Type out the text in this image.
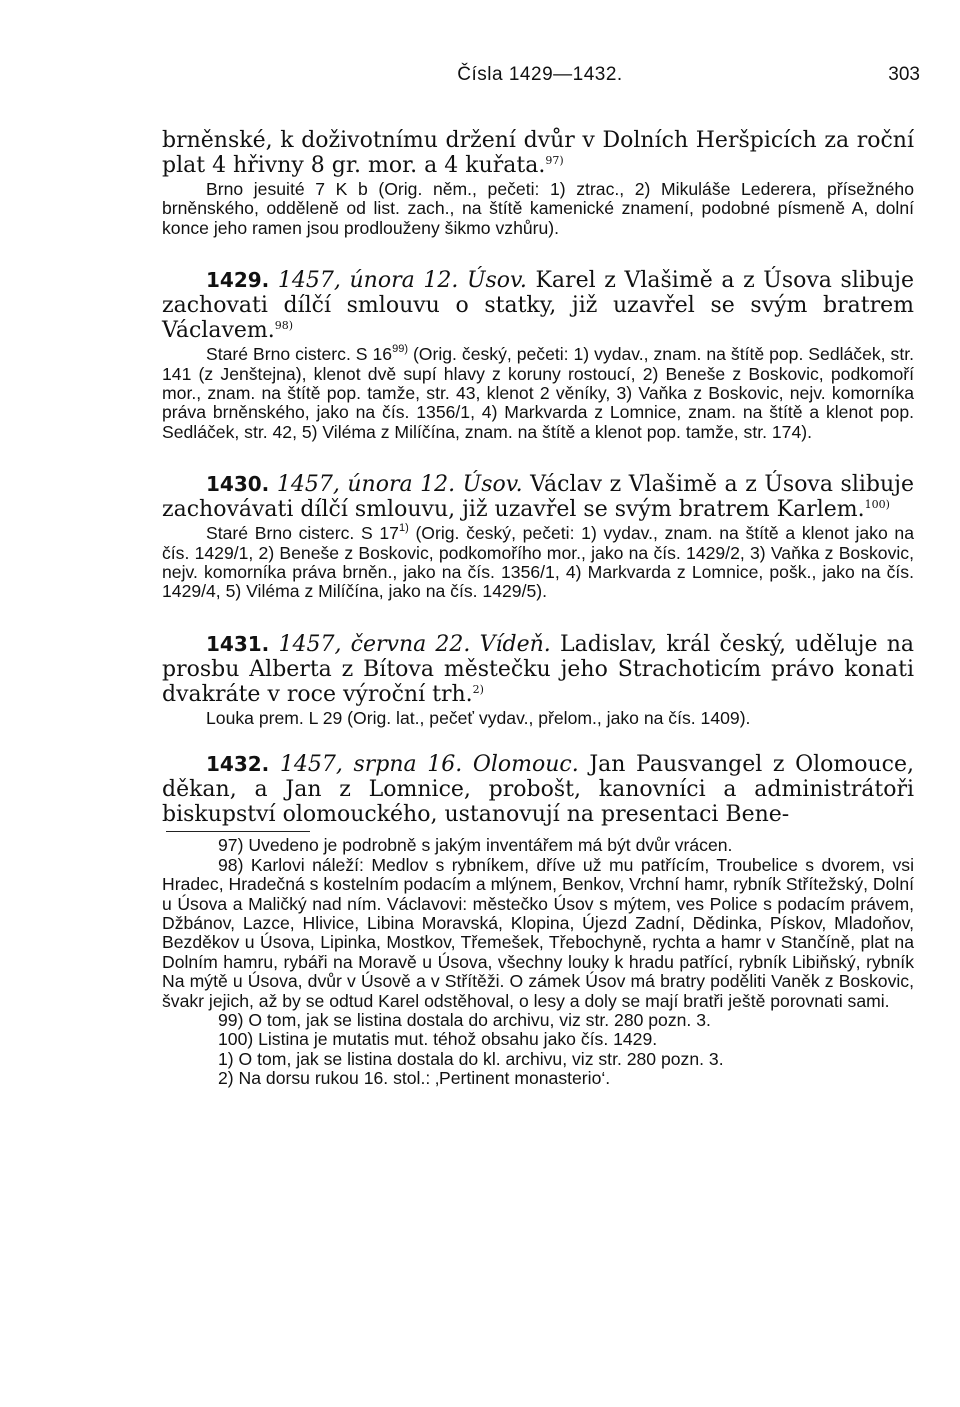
Čísla 1429—1432.	303

brněnské, k doživotnímu držení dvůr v Dolních Heršpicích za roční plat 4 hřivny 8 gr. mor. a 4 kuřata.$^{97)}$

Brno jesuité 7 K b (Orig. něm., pečeti: 1) ztrac., 2) Mikuláše Lederera, přísežného brněnského, odděleně od list. zach., na štítě kamenické znamení, podobné písmeně A, dolní konce jeho ramen jsou prodlouženy šikmo vzhůru).

1429. 1457, února 12. Úsov. Karel z Vlašimě a z Úsova slibuje zachovati dílčí smlouvu o statky, již uzavřel se svým bratrem Václavem.$^{98)}$

Staré Brno cisterc. S 16$^{99)}$ (Orig. český, pečeti: 1) vydav., znam. na štítě pop. Sedláček, str. 141 (z Jenštejna), klenot dvě supí hlavy z koruny rostoucí, 2) Beneše z Boskovic, podkomoří mor., znam. na štítě pop. tamže, str. 43, klenot 2 věníky, 3) Vaňka z Boskovic, nejv. komorníka práva brněnského, jako na čís. 1356/1, 4) Markvarda z Lomnice, znam. na štítě a klenot pop. Sedláček, str. 42, 5) Viléma z Milíčína, znam. na štítě a klenot pop. tamže, str. 174).

1430. 1457, února 12. Úsov. Václav z Vlašimě a z Úsova slibuje zachovávati dílčí smlouvu, již uzavřel se svým bratrem Karlem.$^{100)}$

Staré Brno cisterc. S 17$^{1)}$ (Orig. český, pečeti: 1) vydav., znam. na štítě a klenot jako na čís. 1429/1, 2) Beneše z Boskovic, podkomořího mor., jako na čís. 1429/2, 3) Vaňka z Boskovic, nejv. komorníka práva brněn., jako na čís. 1356/1, 4) Markvarda z Lomnice, pošk., jako na čís. 1429/4, 5) Viléma z Milíčína, jako na čís. 1429/5).

1431. 1457, června 22. Vídeň. Ladislav, král český, uděluje na prosbu Alberta z Bítova městečku jeho Strachoticím právo konati dvakráte v roce výroční trh.$^{2)}$

Louka prem. L 29 (Orig. lat., pečeť vydav., přelom., jako na čís. 1409).

1432. 1457, srpna 16. Olomouc. Jan Pausvangel z Olomouce, děkan, a Jan z Lomnice, probošt, kanovníci a administrátoři biskupství olomouckého, ustanovují na presentaci Bene-

97) Uvedeno je podrobně s jakým inventářem má být dvůr vrácen.

98) Karlovi náleží: Medlov s rybníkem, dříve už mu patřícím, Troubelice s dvorem, vsi Hradec, Hradečná s kostelním podacím a mlýnem, Benkov, Vrchní hamr, rybník Střítežský, Dolní u Úsova a Maličký nad ním. Václavovi: městečko Úsov s mýtem, ves Police s podacím právem, Džbánov, Lazce, Hlivice, Libina Moravská, Klopina, Újezd Zadní, Dědinka, Pískov, Mladoňov, Bezděkov u Úsova, Lipinka, Mostkov, Třemešek, Třebochyně, rychta a hamr v Stančíně, plat na Dolním hamru, rybáři na Moravě u Úsova, všechny louky k hradu patřící, rybník Libiňský, rybník Na mýtě u Úsova, dvůr v Úsově a v Střítěži. O zámek Úsov má bratry poděliti Vaněk z Boskovic, švakr jejich, až by se odtud Karel odstěhoval, o lesy a doly se mají bratři ještě porovnati sami.

99) O tom, jak se listina dostala do archivu, viz str. 280 pozn. 3.

100) Listina je mutatis mut. téhož obsahu jako čís. 1429.

1) O tom, jak se listina dostala do kl. archivu, viz str. 280 pozn. 3.

2) Na dorsu rukou 16. stol.: ‚Pertinent monasterio‘.
